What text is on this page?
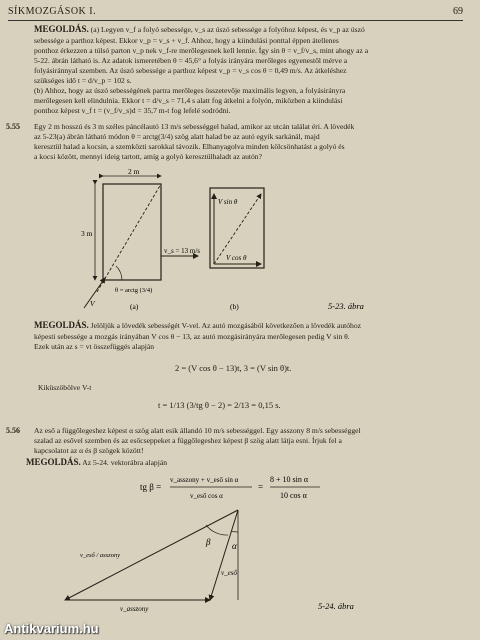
SÍKMOZGÁSOK I.	69
MEGOLDÁS. (a) Legyen v_f a folyó sebessége, v_s az úszó sebessége a folyóhoz képest, és v_p az úszó
sebessége a parthoz képest. Ekkor v_p = v_s + v_f. Ahhoz, hogy a kiindulási ponttal éppen átellenes
ponthoz érkezzen a túlsó parton v_p nek v_f-re merőlegesnek kell lennie. Így sin θ = v_f/v_s, mint ahogy az a
5-22. ábrán látható is. Az adatok ismeretében θ = 45,6° a folyás irányára merőleges egyenestől mérve a
folyásiránnyal szemben. Az úszó sebessége a parthoz képest v_p = v_s cos θ = 0,49 m/s. Az átkeléshez
szükséges idő t = d/v_p = 102 s.
(b) Ahhoz, hogy az úszó sebességének partra merőleges összetevője maximális legyen, a folyásirányra
merőlegesen kell elindulnia. Ekkor t = d/v_s = 71,4 s alatt fog átkelni a folyón, miközben a kiindulási
ponthoz képest v_f t = (v_f/v_s)d = 35,7 m-t fog lefelé sodródni.
5.55 Egy 2 m hosszú és 3 m széles páncélautó 13 m/s sebességgel halad, amikor az utcán találat éri. A lövedék
az 5-23(a) ábrán látható módon θ = arctg(3/4) szög alatt halad be az autó egyik sarkánál, majd
keresztül halad a kocsin, a szemközti sarokkal távozik. Elhanyagolva minden kölcsönhatást a golyó és
a kocsi között, mennyi ideig tartott, amíg a golyó keresztülhaladt az autón?
2 m
3 m
v_s = 13 m/s
θ = arctg (3/4)
V	(a)
V sin θ
V cos θ
(b)	5-23. ábra
MEGOLDÁS. Jelöljük a lövedék sebességét V-vel. Az autó mozgásából következően a lövedék autóhoz
képesti sebessége a mozgás irányában V cos θ − 13, az autó mozgásirányára merőlegesen pedig V sin θ.
Ezek után az s = vt összefüggés alapján
2 = (V cos θ − 13)t, 3 = (V sin θ)t.
Kiküszöbölve V-t
t = 1/13 (3/tg θ − 2) = 2/13 = 0,15 s.
5.56 Az eső a függőlegeshez képest α szög alatt esik állandó 10 m/s sebességgel. Egy asszony 8 m/s sebességgel
szalad az esővel szemben és az esőcseppeket a függőlegeshez képest β szög alatt látja esni. Írjuk fel a
kapcsolatot az α és β szögek között!
MEGOLDÁS. Az 5-24. vektorábra alapján
tg β =
v_asszony + v_eső sin α
v_eső cos α
=
8 + 10 sin α
10 cos α
v_eső / asszony
β α
v_eső
v_asszony	5-24. ábra
Antikvarium.hu
